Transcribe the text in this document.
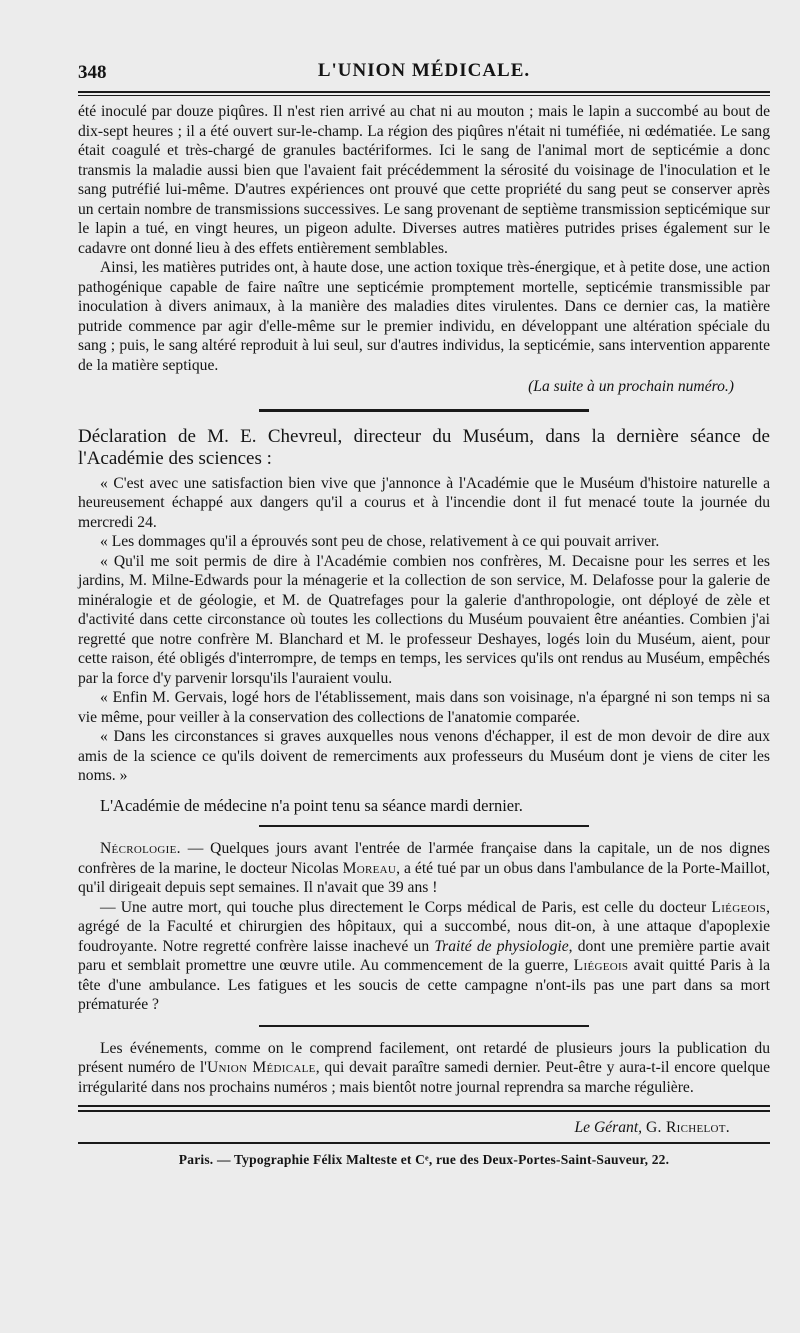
348	L'UNION MÉDICALE.

été inoculé par douze piqûres. Il n'est rien arrivé au chat ni au mouton ; mais le lapin a succombé au bout de dix-sept heures ; il a été ouvert sur-le-champ. La région des piqûres n'était ni tuméfiée, ni œdématiée. Le sang était coagulé et très-chargé de granules bactériformes. Ici le sang de l'animal mort de septicémie a donc transmis la maladie aussi bien que l'avaient fait précédemment la sérosité du voisinage de l'inoculation et le sang putréfié lui-même. D'autres expériences ont prouvé que cette propriété du sang peut se conserver après un certain nombre de transmissions successives. Le sang provenant de septième transmission septicémique sur le lapin a tué, en vingt heures, un pigeon adulte. Diverses autres matières putrides prises également sur le cadavre ont donné lieu à des effets entièrement semblables.

Ainsi, les matières putrides ont, à haute dose, une action toxique très-énergique, et à petite dose, une action pathogénique capable de faire naître une septicémie promptement mortelle, septicémie transmissible par inoculation à divers animaux, à la manière des maladies dites virulentes. Dans ce dernier cas, la matière putride commence par agir d'elle-même sur le premier individu, en développant une altération spéciale du sang ; puis, le sang altéré reproduit à lui seul, sur d'autres individus, la septicémie, sans intervention apparente de la matière septique.

(La suite à un prochain numéro.)

Déclaration de M. E. Chevreul, directeur du Muséum, dans la dernière séance de l'Académie des sciences :

« C'est avec une satisfaction bien vive que j'annonce à l'Académie que le Muséum d'histoire naturelle a heureusement échappé aux dangers qu'il a courus et à l'incendie dont il fut menacé toute la journée du mercredi 24.

« Les dommages qu'il a éprouvés sont peu de chose, relativement à ce qui pouvait arriver.

« Qu'il me soit permis de dire à l'Académie combien nos confrères, M. Decaisne pour les serres et les jardins, M. Milne-Edwards pour la ménagerie et la collection de son service, M. Delafosse pour la galerie de minéralogie et de géologie, et M. de Quatrefages pour la galerie d'anthropologie, ont déployé de zèle et d'activité dans cette circonstance où toutes les collections du Muséum pouvaient être anéanties. Combien j'ai regretté que notre confrère M. Blanchard et M. le professeur Deshayes, logés loin du Muséum, aient, pour cette raison, été obligés d'interrompre, de temps en temps, les services qu'ils ont rendus au Muséum, empêchés par la force d'y parvenir lorsqu'ils l'auraient voulu.

« Enfin M. Gervais, logé hors de l'établissement, mais dans son voisinage, n'a épargné ni son temps ni sa vie même, pour veiller à la conservation des collections de l'anatomie comparée.

« Dans les circonstances si graves auxquelles nous venons d'échapper, il est de mon devoir de dire aux amis de la science ce qu'ils doivent de remerciments aux professeurs du Muséum dont je viens de citer les noms. »

L'Académie de médecine n'a point tenu sa séance mardi dernier.

Nécrologie. — Quelques jours avant l'entrée de l'armée française dans la capitale, un de nos dignes confrères de la marine, le docteur Nicolas Moreau, a été tué par un obus dans l'ambulance de la Porte-Maillot, qu'il dirigeait depuis sept semaines. Il n'avait que 39 ans !

— Une autre mort, qui touche plus directement le Corps médical de Paris, est celle du docteur Liégeois, agrégé de la Faculté et chirurgien des hôpitaux, qui a succombé, nous dit-on, à une attaque d'apoplexie foudroyante. Notre regretté confrère laisse inachevé un Traité de physiologie, dont une première partie avait paru et semblait promettre une œuvre utile. Au commencement de la guerre, Liégeois avait quitté Paris à la tête d'une ambulance. Les fatigues et les soucis de cette campagne n'ont-ils pas une part dans sa mort prématurée ?

Les événements, comme on le comprend facilement, ont retardé de plusieurs jours la publication du présent numéro de l'Union Médicale, qui devait paraître samedi dernier. Peut-être y aura-t-il encore quelque irrégularité dans nos prochains numéros ; mais bientôt notre journal reprendra sa marche régulière.

Le Gérant, G. Richelot.
Paris. — Typographie Félix Malteste et Cᵉ, rue des Deux-Portes-Saint-Sauveur, 22.
